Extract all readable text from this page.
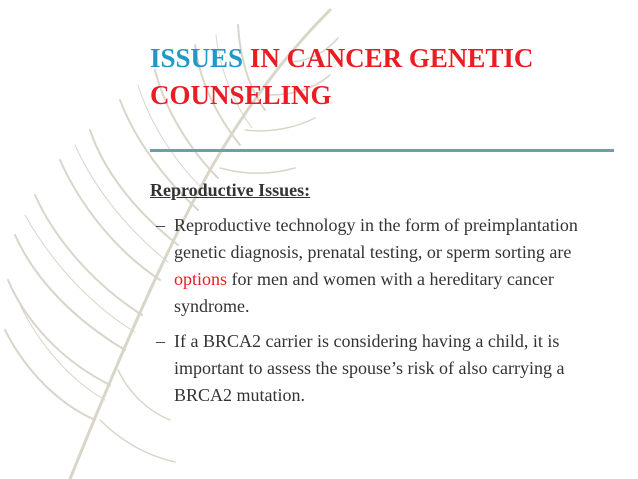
ISSUES IN CANCER GENETIC COUNSELING
Reproductive Issues:
– Reproductive technology in the form of preimplantation genetic diagnosis, prenatal testing, or sperm sorting are options for men and women with a hereditary cancer syndrome.
– If a BRCA2 carrier is considering having a child, it is important to assess the spouse’s risk of also carrying a BRCA2 mutation.
